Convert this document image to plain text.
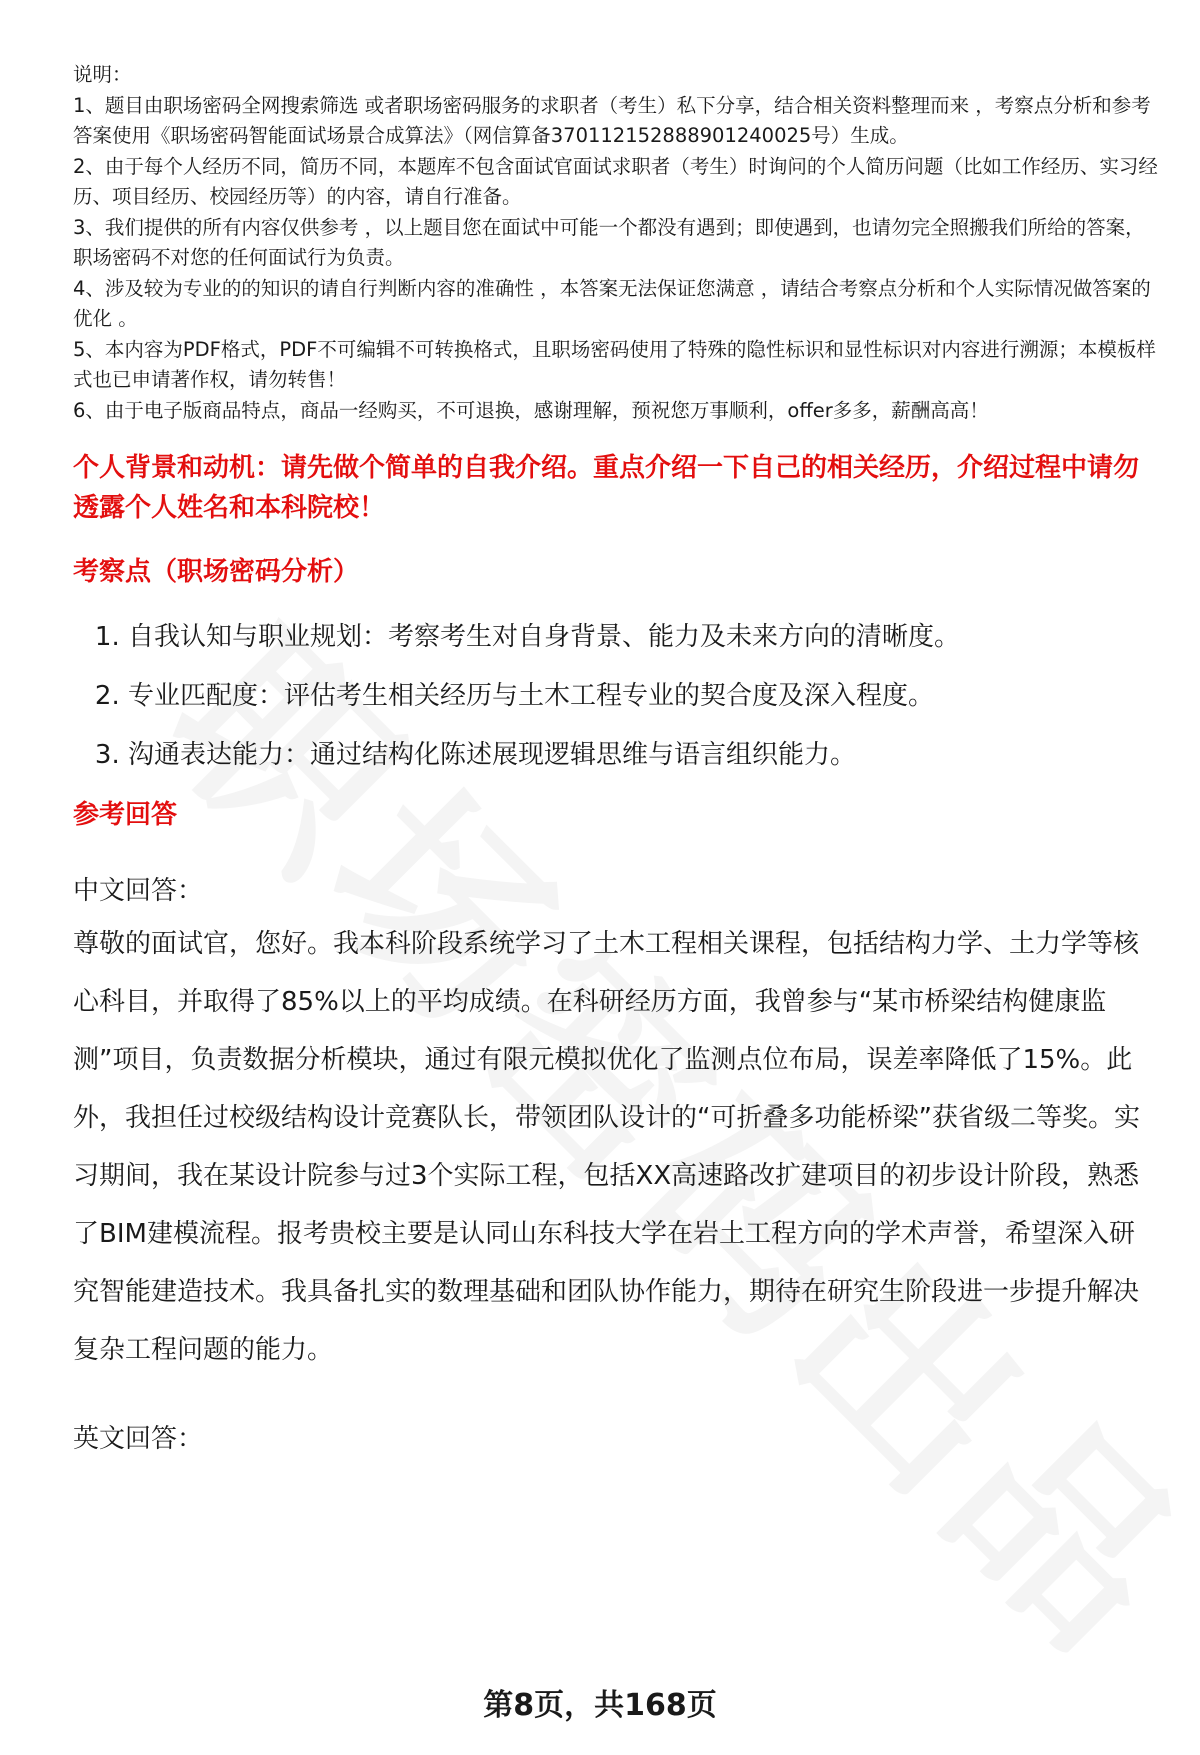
说明：

1、题目由职场密码全网搜索筛选 或者职场密码服务的求职者（考生）私下分享，结合相关资料整理而来 ，考察点分析和参考答案使用《职场密码智能面试场景合成算法》（网信算备370112152888901240025号）生成。

2、由于每个人经历不同，简历不同，本题库不包含面试官面试求职者（考生）时询问的个人简历问题（比如工作经历、实习经历、项目经历、校园经历等）的内容，请自行准备。

3、我们提供的所有内容仅供参考 ，以上题目您在面试中可能一个都没有遇到；即使遇到，也请勿完全照搬我们所给的答案，职场密码不对您的任何面试行为负责。

4、涉及较为专业的的知识的请自行判断内容的准确性 ，本答案无法保证您满意 ，请结合考察点分析和个人实际情况做答案的优化 。

5、本内容为PDF格式，PDF不可编辑不可转换格式，且职场密码使用了特殊的隐性标识和显性标识对内容进行溯源；本模板样式也已申请著作权，请勿转售！

6、由于电子版商品特点，商品一经购买，不可退换，感谢理解，预祝您万事顺利，offer多多，薪酬高高！

个人背景和动机：请先做个简单的自我介绍。重点介绍一下自己的相关经历，介绍过程中请勿透露个人姓名和本科院校！
考察点（职场密码分析）
1. 自我认知与职业规划：考察考生对自身背景、能力及未来方向的清晰度。
2. 专业匹配度：评估考生相关经历与土木工程专业的契合度及深入程度。
3. 沟通表达能力：通过结构化陈述展现逻辑思维与语言组织能力。
参考回答
中文回答：
尊敬的面试官，您好。我本科阶段系统学习了土木工程相关课程，包括结构力学、土力学等核心科目，并取得了85%以上的平均成绩。在科研经历方面，我曾参与“某市桥梁结构健康监测”项目，负责数据分析模块，通过有限元模拟优化了监测点位布局，误差率降低了15%。此外，我担任过校级结构设计竞赛队长，带领团队设计的“可折叠多功能桥梁”获省级二等奖。实习期间，我在某设计院参与过3个实际工程，包括XX高速路改扩建项目的初步设计阶段，熟悉了BIM建模流程。报考贵校主要是认同山东科技大学在岩土工程方向的学术声誉，希望深入研究智能建造技术。我具备扎实的数理基础和团队协作能力，期待在研究生阶段进一步提升解决复杂工程问题的能力。
英文回答：
第8页，共168页
